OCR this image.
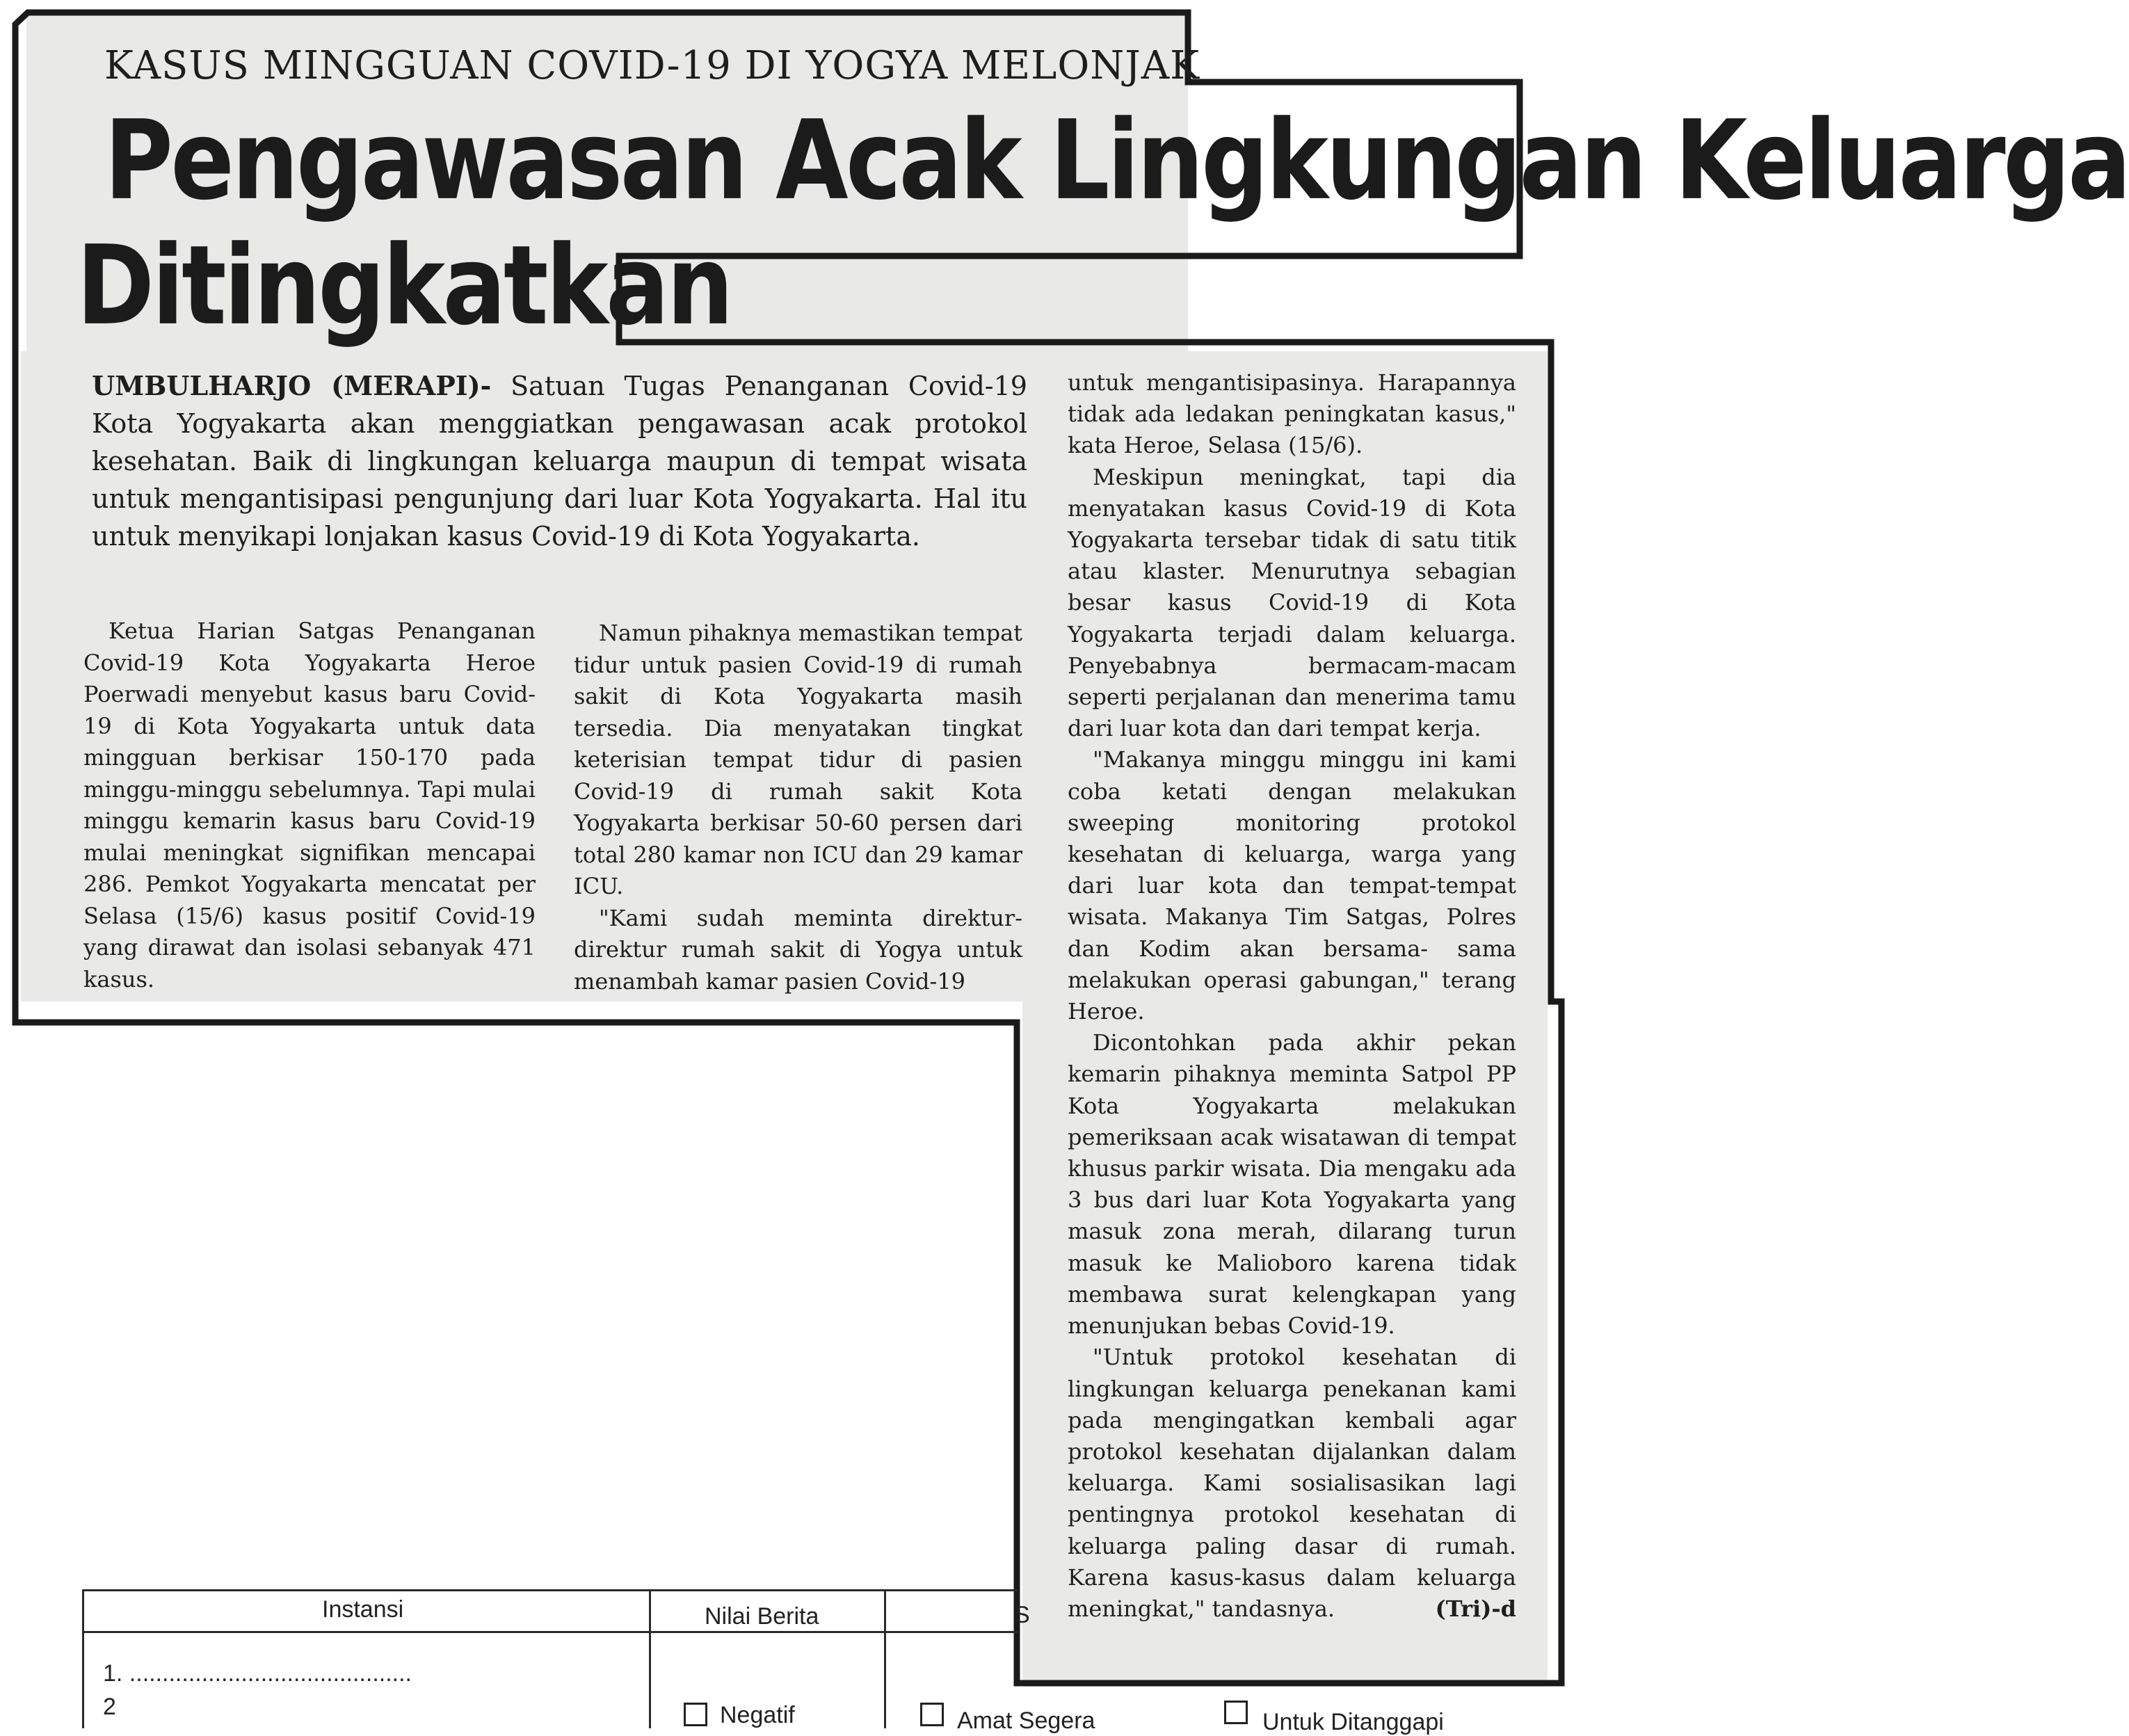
KASUS MINGGUAN COVID-19 DI YOGYA MELONJAK
Pengawasan Acak Lingkungan Keluarga
Ditingkatkan

UMBULHARJO (MERAPI)- Satuan Tugas Penanganan Covid-19 Kota Yogyakarta akan menggiatkan pengawasan acak protokol kesehatan. Baik di lingkungan keluarga maupun di tempat wisata untuk mengantisipasi pengunjung dari luar Kota Yogyakarta. Hal itu untuk menyikapi lonjakan kasus Covid-19 di Kota Yogyakarta.

Ketua Harian Satgas Penanganan Covid-19 Kota Yogyakarta Heroe Poerwadi menyebut kasus baru Covid-19 di Kota Yogyakarta untuk data mingguan berkisar 150-170 pada minggu-minggu sebelumnya. Tapi mulai minggu kemarin kasus baru Covid-19 mulai meningkat signifikan mencapai 286. Pemkot Yogyakarta mencatat per Selasa (15/6) kasus positif Covid-19 yang dirawat dan isolasi sebanyak 471 kasus.

Namun pihaknya memastikan tempat tidur untuk pasien Covid-19 di rumah sakit di Kota Yogyakarta masih tersedia. Dia menyatakan tingkat keterisian tempat tidur di pasien Covid-19 di rumah sakit Kota Yogyakarta berkisar 50-60 persen dari total 280 kamar non ICU dan 29 kamar ICU.

"Kami sudah meminta direktur- direktur rumah sakit di Yogya untuk menambah kamar pasien Covid-19

untuk mengantisipasinya. Harapannya tidak ada ledakan peningkatan kasus," kata Heroe, Selasa (15/6).

Meskipun meningkat, tapi dia menyatakan kasus Covid-19 di Kota Yogyakarta tersebar tidak di satu titik atau klaster. Menurutnya sebagian besar kasus Covid-19 di Kota Yogyakarta terjadi dalam keluarga. Penyebabnya bermacam-macam seperti perjalanan dan menerima tamu dari luar kota dan dari tempat kerja.

"Makanya minggu minggu ini kami coba ketati dengan melakukan sweeping monitoring protokol kesehatan di keluarga, warga yang dari luar kota dan tempat-tempat wisata. Makanya Tim Satgas, Polres dan Kodim akan bersama- sama melakukan operasi gabungan," terang Heroe.

Dicontohkan pada akhir pekan kemarin pihaknya meminta Satpol PP Kota Yogyakarta melakukan pemeriksaan acak wisatawan di tempat khusus parkir wisata. Dia mengaku ada 3 bus dari luar Kota Yogyakarta yang masuk zona merah, dilarang turun masuk ke Malioboro karena tidak membawa surat kelengkapan yang menunjukan bebas Covid-19.

"Untuk protokol kesehatan di lingkungan keluarga penekanan kami pada mengingatkan kembali agar protokol kesehatan dijalankan dalam keluarga. Kami sosialisasikan lagi pentingnya protokol kesehatan di keluarga paling dasar di rumah. Karena kasus-kasus dalam keluarga meningkat," tandasnya.	(Tri)-d

Instansi	Nilai Berita	S
1. ...........................................
2	Negatif	Amat Segera	Untuk Ditanggapi
